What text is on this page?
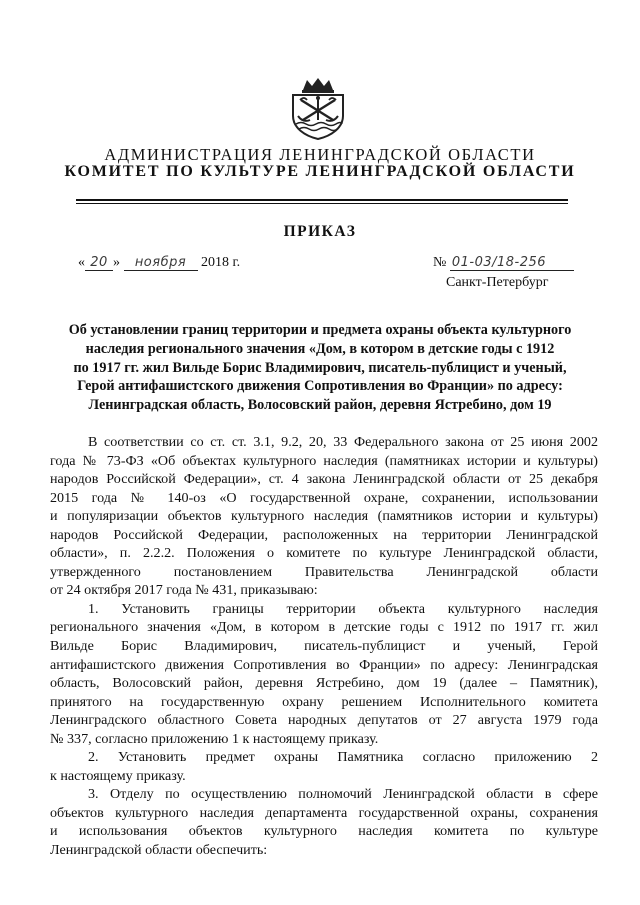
АДМИНИСТРАЦИЯ ЛЕНИНГРАДСКОЙ ОБЛАСТИ
КОМИТЕТ ПО КУЛЬТУРЕ ЛЕНИНГРАДСКОЙ ОБЛАСТИ
ПРИКАЗ
« 20 » ноября 2018 г.	№ 01-03/18-256
Санкт-Петербург
Об установлении границ территории и предмета охраны объекта культурного
наследия регионального значения «Дом, в котором в детские годы с 1912
по 1917 гг. жил Вильде Борис Владимирович, писатель-публицист и ученый,
Герой антифашистского движения Сопротивления во Франции» по адресу:
Ленинградская область, Волосовский район, деревня Ястребино, дом 19
В соответствии со ст. ст. 3.1, 9.2, 20, 33 Федерального закона от 25 июня 2002
года № 73-ФЗ «Об объектах культурного наследия (памятниках истории и культуры)
народов Российской Федерации», ст. 4 закона Ленинградской области от 25 декабря
2015 года № 140-оз «О государственной охране, сохранении, использовании
и популяризации объектов культурного наследия (памятников истории и культуры)
народов Российской Федерации, расположенных на территории Ленинградской
области», п. 2.2.2. Положения о комитете по культуре Ленинградской области,
утвержденного постановлением Правительства Ленинградской области
от 24 октября 2017 года № 431, приказываю:
1. Установить границы территории объекта культурного наследия
регионального значения «Дом, в котором в детские годы с 1912 по 1917 гг. жил
Вильде Борис Владимирович, писатель-публицист и ученый, Герой
антифашистского движения Сопротивления во Франции» по адресу: Ленинградская
область, Волосовский район, деревня Ястребино, дом 19 (далее – Памятник),
принятого на государственную охрану решением Исполнительного комитета
Ленинградского областного Совета народных депутатов от 27 августа 1979 года
№ 337, согласно приложению 1 к настоящему приказу.
2. Установить предмет охраны Памятника согласно приложению 2
к настоящему приказу.
3. Отделу по осуществлению полномочий Ленинградской области в сфере
объектов культурного наследия департамента государственной охраны, сохранения
и использования объектов культурного наследия комитета по культуре
Ленинградской области обеспечить:
